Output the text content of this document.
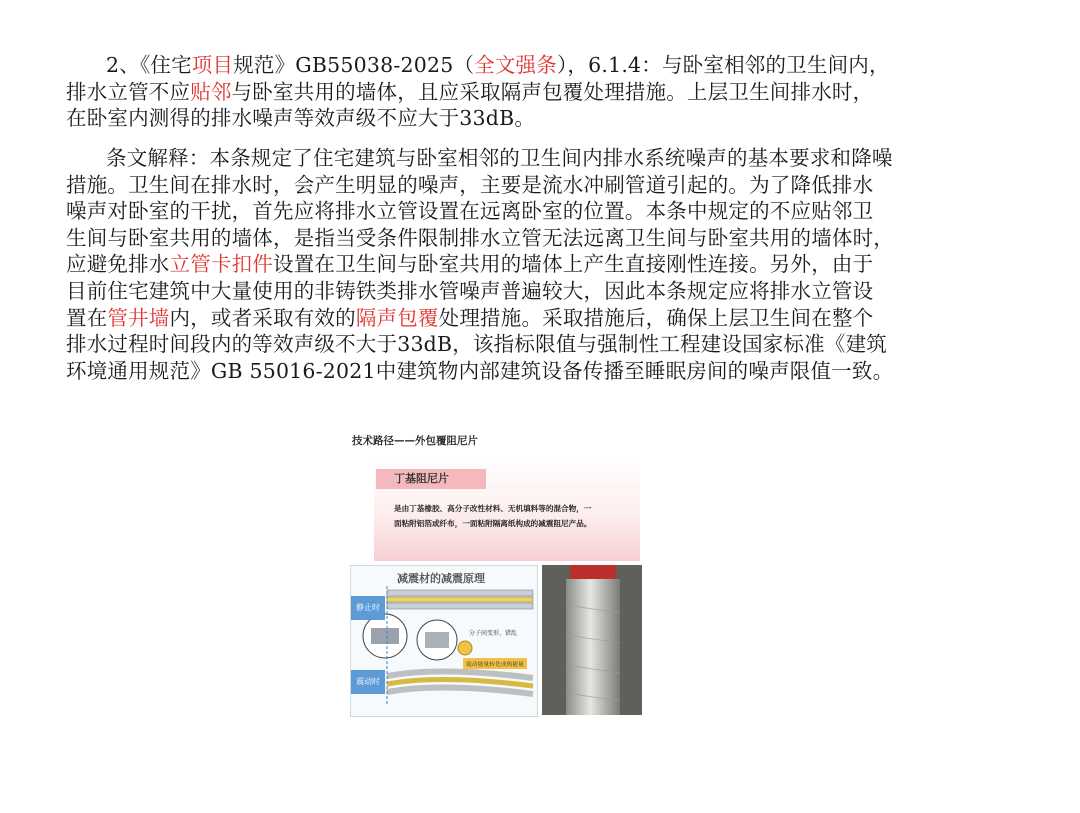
2、《住宅项目规范》GB55038-2025（全文强条），6.1.4：与卧室相邻的卫生间内，
排水立管不应贴邻与卧室共用的墙体，且应采取隔声包覆处理措施。上层卫生间排水时，
在卧室内测得的排水噪声等效声级不应大于33dB。
条文解释：本条规定了住宅建筑与卧室相邻的卫生间内排水系统噪声的基本要求和降噪
措施。卫生间在排水时，会产生明显的噪声，主要是流水冲刷管道引起的。为了降低排水
噪声对卧室的干扰，首先应将排水立管设置在远离卧室的位置。本条中规定的不应贴邻卫
生间与卧室共用的墙体，是指当受条件限制排水立管无法远离卫生间与卧室共用的墙体时，
应避免排水立管卡扣件设置在卫生间与卧室共用的墙体上产生直接刚性连接。另外，由于
目前住宅建筑中大量使用的非铸铁类排水管噪声普遍较大，因此本条规定应将排水立管设
置在管井墙内，或者采取有效的隔声包覆处理措施。采取措施后，确保上层卫生间在整个
排水过程时间段内的等效声级不大于33dB，该指标限值与强制性工程建设国家标准《建筑
环境通用规范》GB 55016-2021中建筑物内部建筑设备传播至睡眠房间的噪声限值一致。
技术路径——外包覆阻尼片
丁基阻尼片
是由丁基橡胶、高分子改性材料、无机填料等的混合物，一
面粘附铝箔或纤布，一面粘附隔离纸构成的减震阻尼产品。
减震材的减震原理
静止时
震动时
分子间变形、错乱
震动能量转化成热能量
